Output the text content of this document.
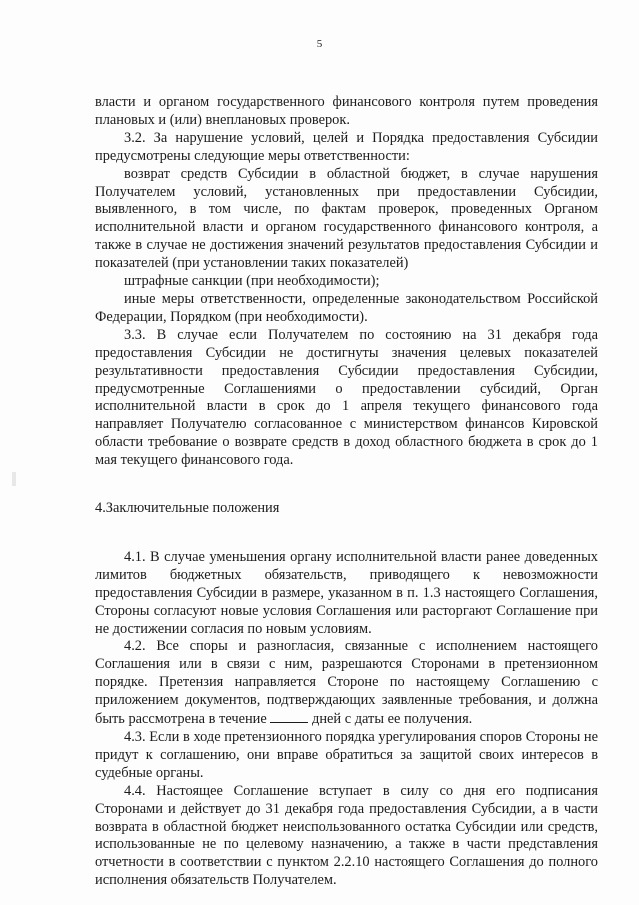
5

власти и органом государственного финансового контроля путем проведения плановых и (или) внеплановых проверок.

3.2. За нарушение условий, целей и Порядка предоставления Субсидии предусмотрены следующие меры ответственности:

возврат средств Субсидии в областной бюджет, в случае нарушения Получателем условий, установленных при предоставлении Субсидии, выявленного, в том числе, по фактам проверок, проведенных Органом исполнительной власти и органом государственного финансового контроля, а также в случае не достижения значений результатов предоставления Субсидии и показателей (при установлении таких показателей)

штрафные санкции (при необходимости);

иные меры ответственности, определенные законодательством Российской Федерации, Порядком (при необходимости).

3.3. В случае если Получателем по состоянию на 31 декабря года предоставления Субсидии не достигнуты значения целевых показателей результативности предоставления Субсидии предоставления Субсидии, предусмотренные Соглашениями о предоставлении субсидий, Орган исполнительной власти в срок до 1 апреля текущего финансового года направляет Получателю согласованное с министерством финансов Кировской области требование о возврате средств в доход областного бюджета в срок до 1 мая текущего финансового года.

4.Заключительные положения

4.1. В случае уменьшения органу исполнительной власти ранее доведенных лимитов бюджетных обязательств, приводящего к невозможности предоставления Субсидии в размере, указанном в п. 1.3 настоящего Соглашения, Стороны согласуют новые условия Соглашения или расторгают Соглашение при не достижении согласия по новым условиям.

4.2. Все споры и разногласия, связанные с исполнением настоящего Соглашения или в связи с ним, разрешаются Сторонами в претензионном порядке. Претензия направляется Стороне по настоящему Соглашению с приложением документов, подтверждающих заявленные требования, и должна быть рассмотрена в течение	дней с даты ее получения.

4.3. Если в ходе претензионного порядка урегулирования споров Стороны не придут к соглашению, они вправе обратиться за защитой своих интересов в судебные органы.

4.4. Настоящее Соглашение вступает в силу со дня его подписания Сторонами и действует до 31 декабря года предоставления Субсидии, а в части возврата в областной бюджет неиспользованного остатка Субсидии или средств, использованные не по целевому назначению, а также в части представления отчетности в соответствии с пунктом 2.2.10 настоящего Соглашения до полного исполнения обязательств Получателем.
